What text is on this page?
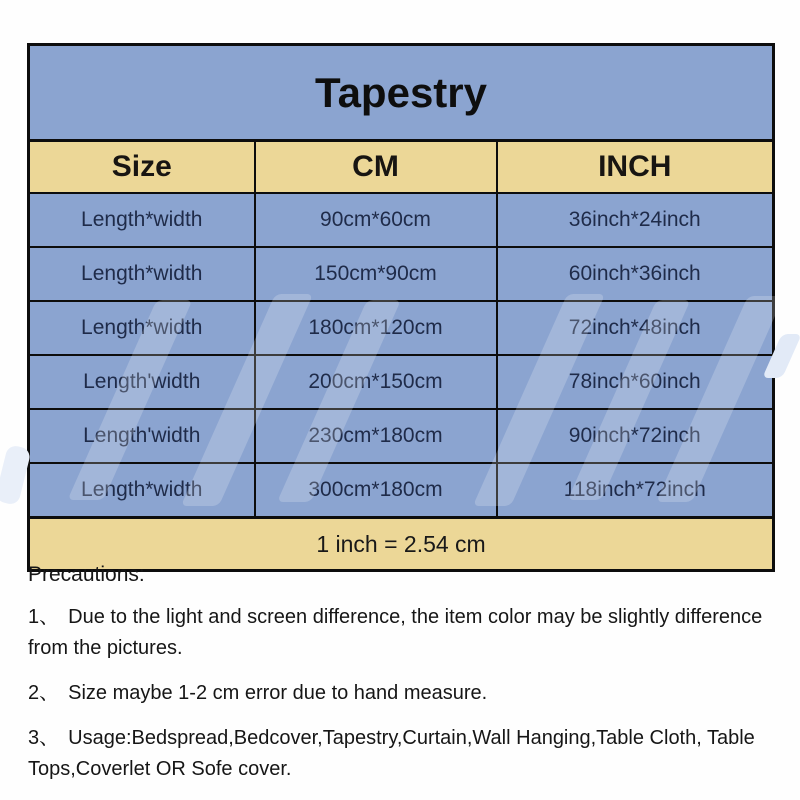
Tapestry		
Size	CM	INCH
Length*width	90cm*60cm	36inch*24inch
Length*width	150cm*90cm	60inch*36inch
Length*width	180cm*120cm	72inch*48inch
Length'width	200cm*150cm	78inch*60inch
Length'width	230cm*180cm	90inch*72inch
Length*width	300cm*180cm	118inch*72inch
1 inch = 2.54 cm		
Precautions:

1、 Due to the light and screen difference, the item color may be slightly difference from the pictures.

2、 Size maybe 1-2 cm error due to hand measure.

3、 Usage:Bedspread,Bedcover,Tapestry,Curtain,Wall Hanging,Table Cloth, Table Tops,Coverlet OR Sofe cover.
